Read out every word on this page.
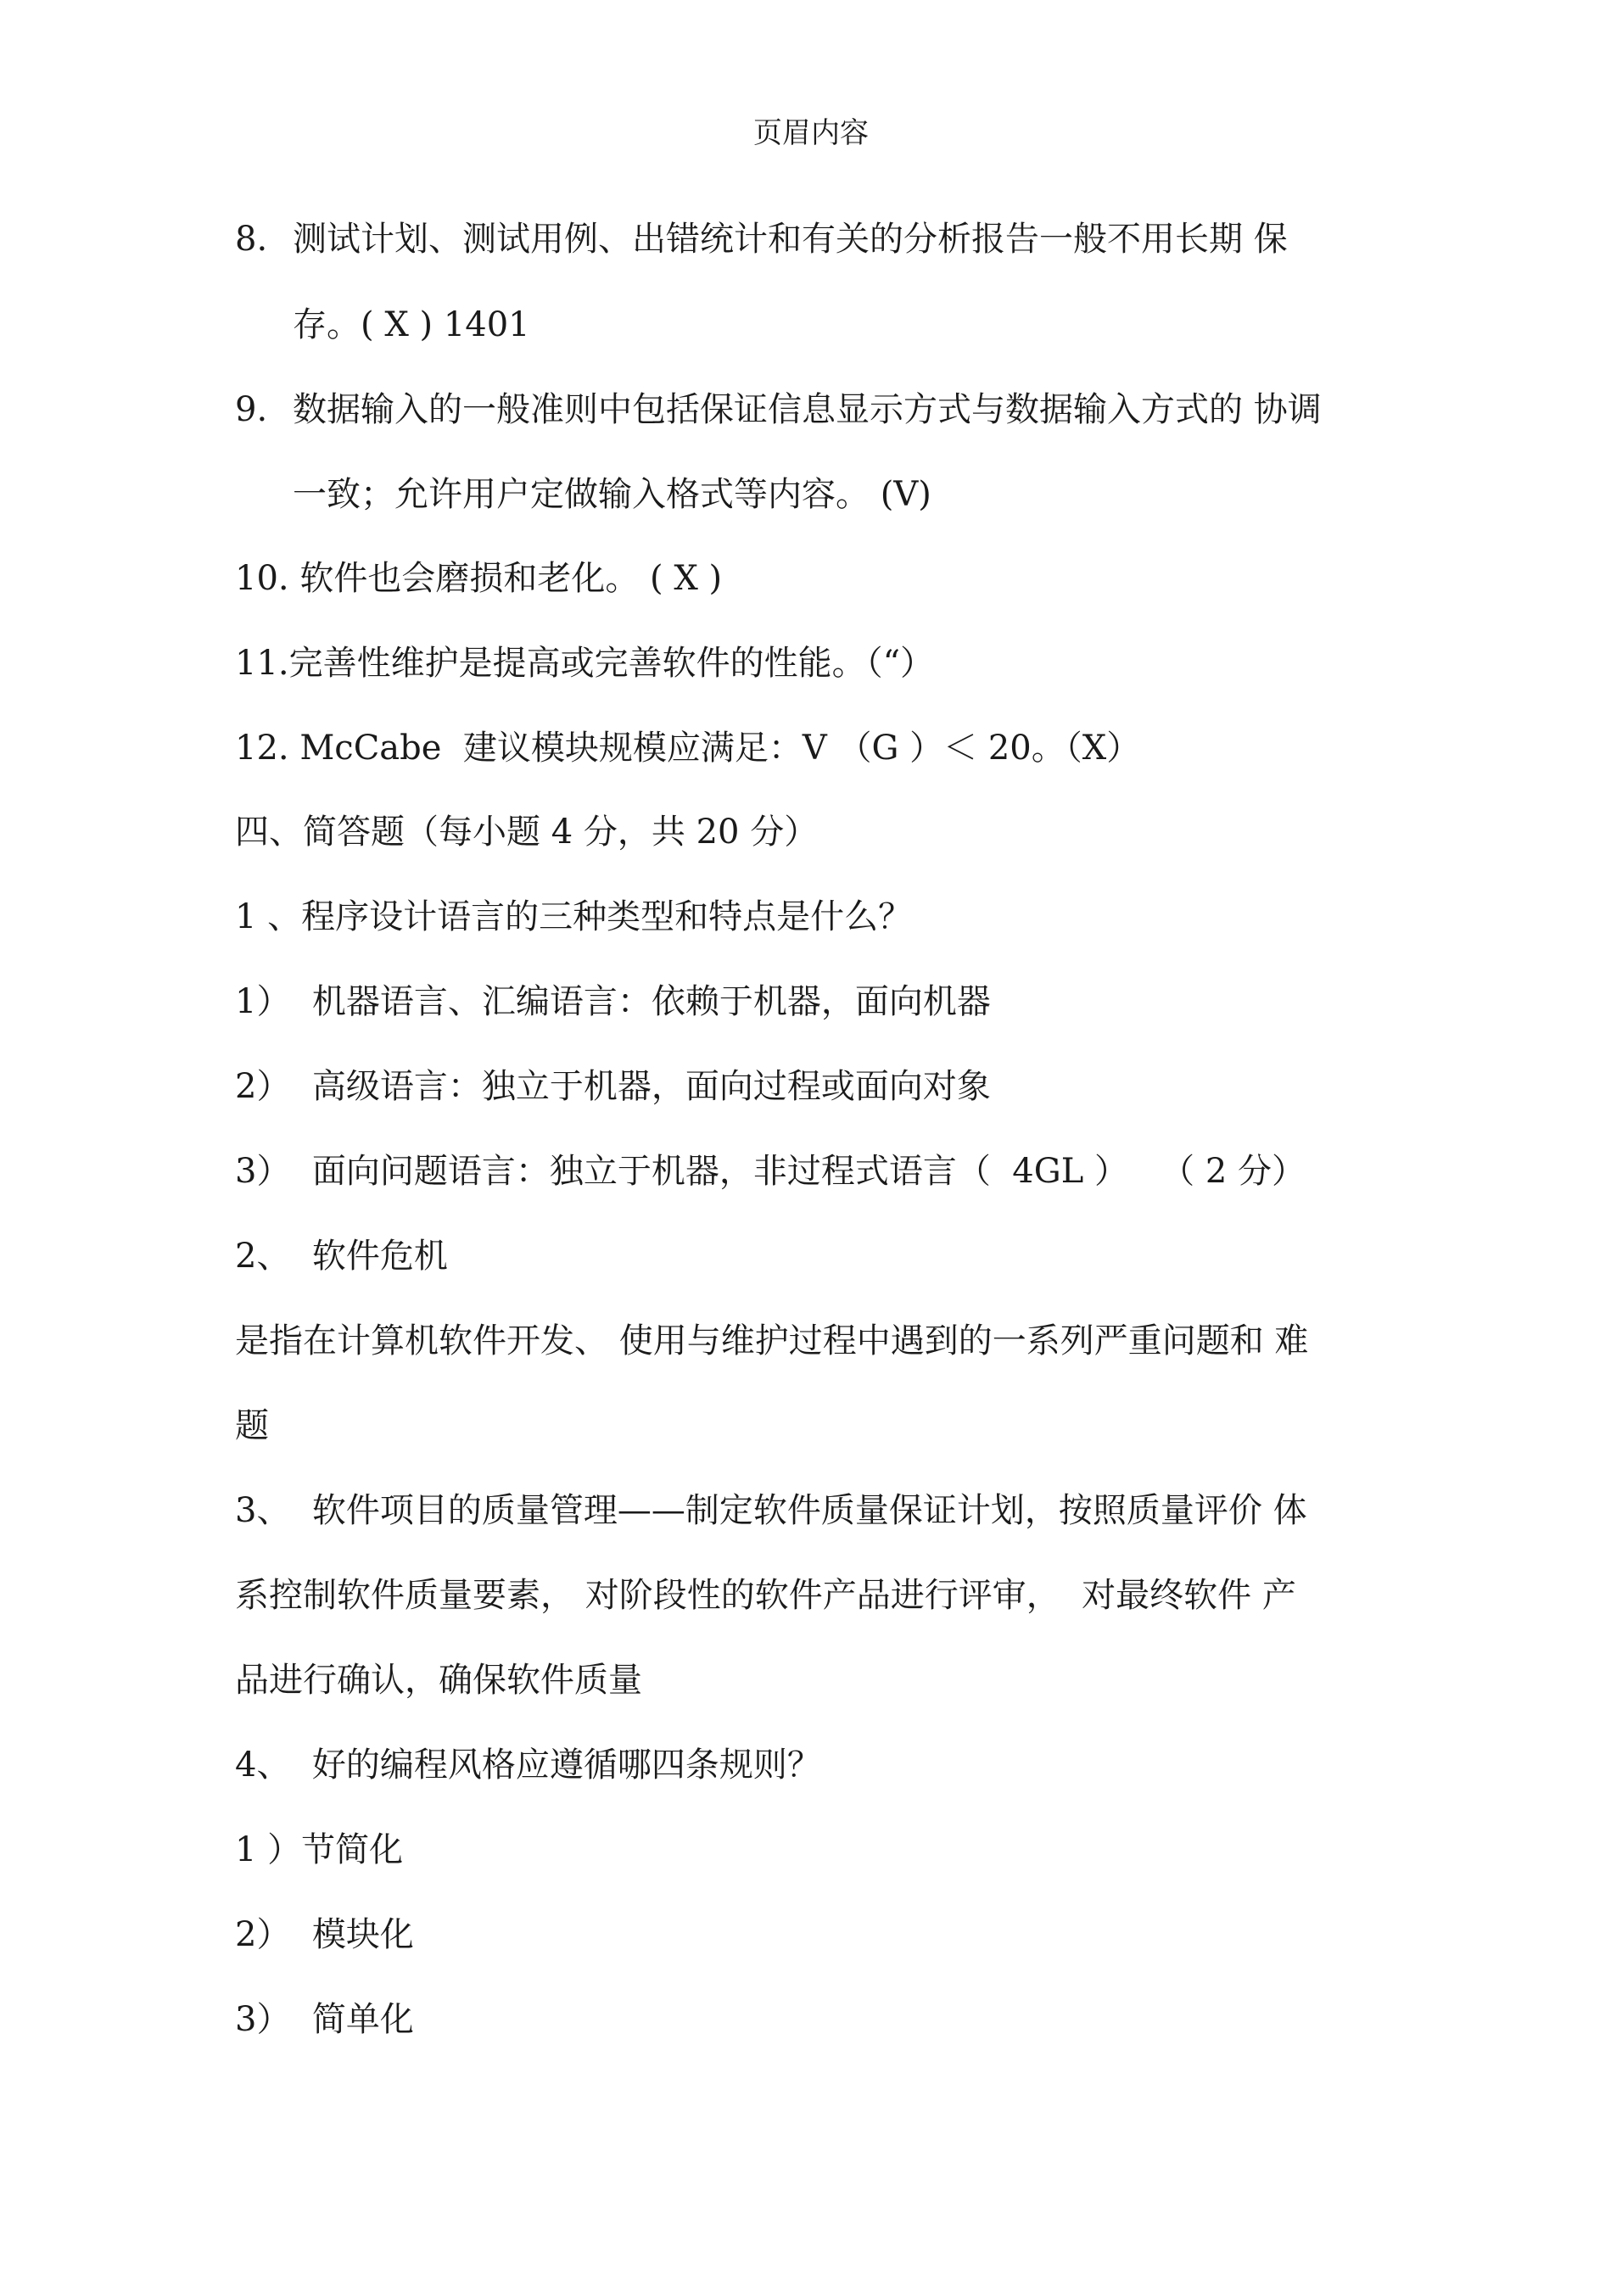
页眉内容
8. 测试计划、测试用例、出错统计和有关的分析报告一般不用长期 保
存。( X ) 1401
9. 数据输入的一般准则中包括保证信息显示方式与数据输入方式的 协调
一致；允许用户定做输入格式等内容。 (V)
10. 软件也会磨损和老化。 ( X )
11.完善性维护是提高或完善软件的性能。（“）
12. McCabe  建议模块规模应满足：V （G ）＜ 20。（X）
四、简答题（每小题 4 分，共 20 分）
1 、程序设计语言的三种类型和特点是什么？
1）  机器语言、汇编语言：依赖于机器，面向机器
2）  高级语言：独立于机器，面向过程或面向对象
3）  面向问题语言：独立于机器，非过程式语言（  4GL ）   （ 2 分）
2、  软件危机
是指在计算机软件开发、 使用与维护过程中遇到的一系列严重问题和 难
题
3、  软件项目的质量管理——制定软件质量保证计划，按照质量评价 体
系控制软件质量要素， 对阶段性的软件产品进行评审，  对最终软件 产
品进行确认，确保软件质量
4、  好的编程风格应遵循哪四条规则？
1 ）节简化
2）  模块化
3）  简单化
